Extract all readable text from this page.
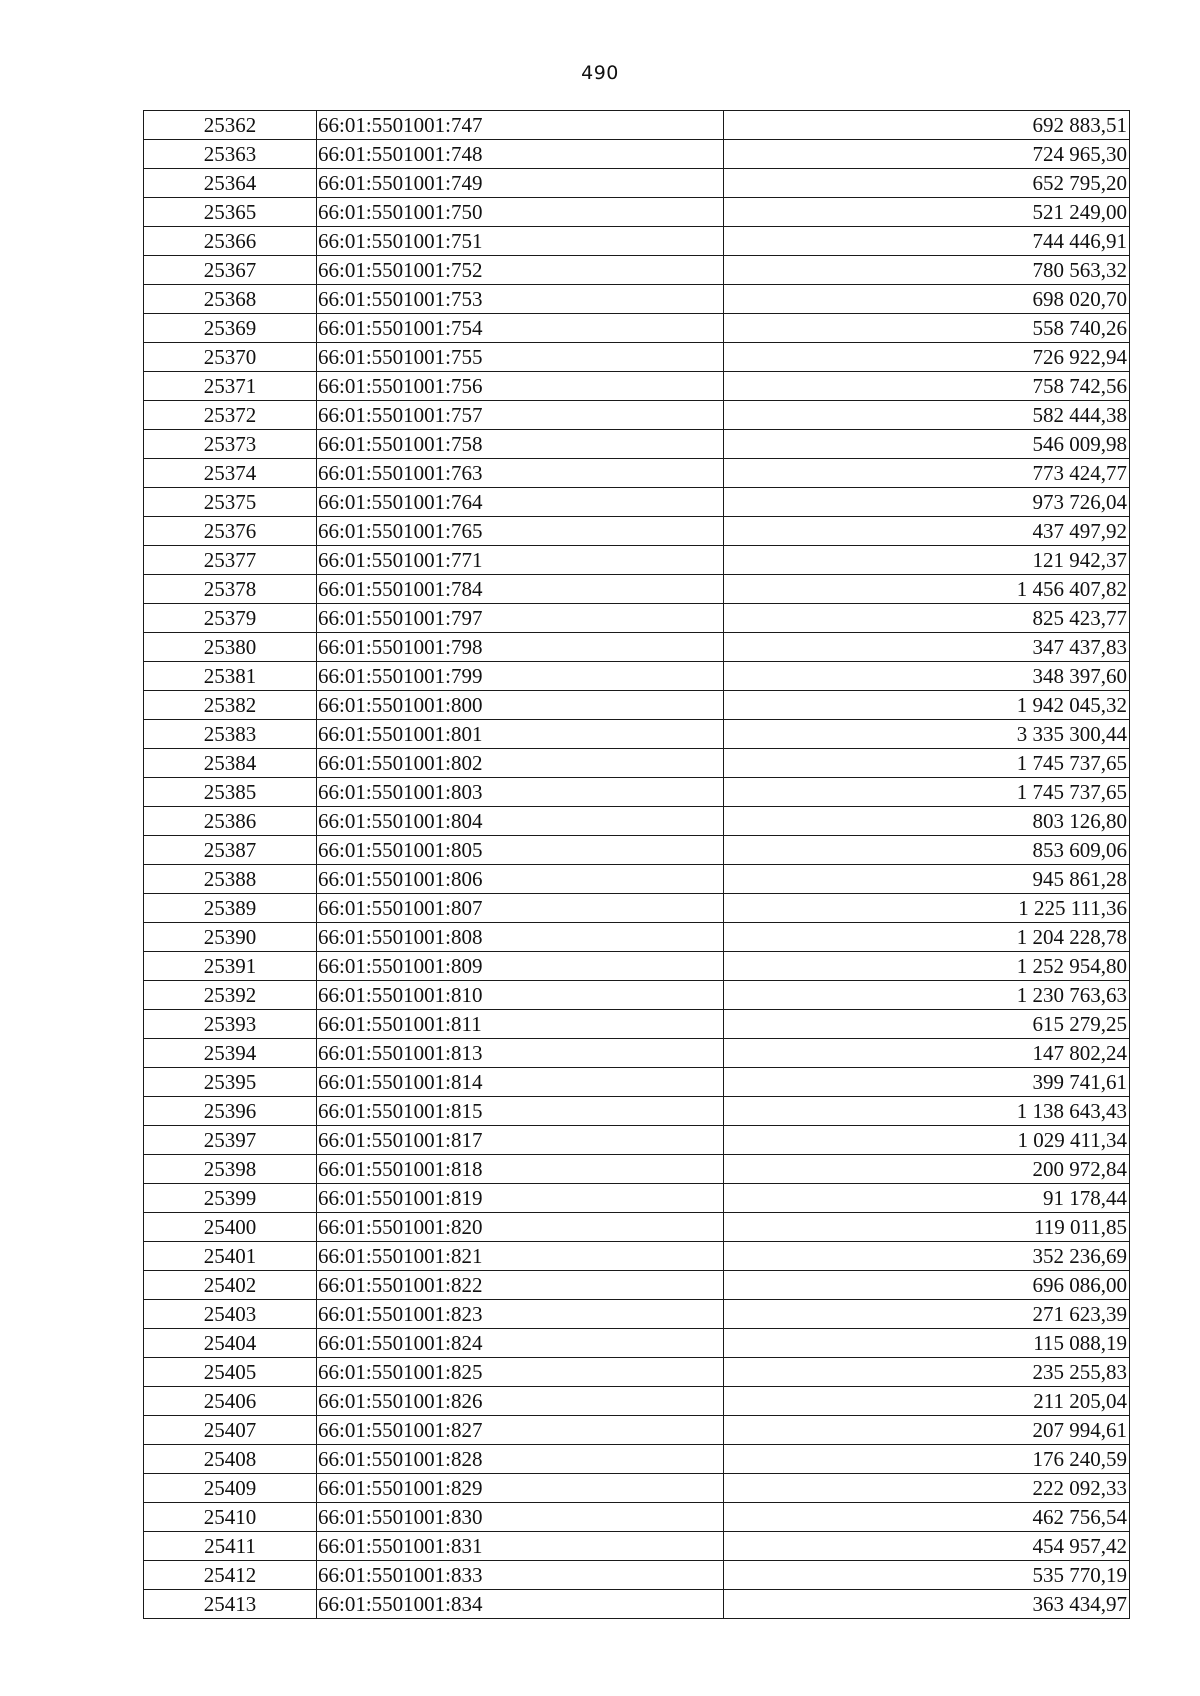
490
25362	66:01:5501001:747	692 883,51
25363	66:01:5501001:748	724 965,30
25364	66:01:5501001:749	652 795,20
25365	66:01:5501001:750	521 249,00
25366	66:01:5501001:751	744 446,91
25367	66:01:5501001:752	780 563,32
25368	66:01:5501001:753	698 020,70
25369	66:01:5501001:754	558 740,26
25370	66:01:5501001:755	726 922,94
25371	66:01:5501001:756	758 742,56
25372	66:01:5501001:757	582 444,38
25373	66:01:5501001:758	546 009,98
25374	66:01:5501001:763	773 424,77
25375	66:01:5501001:764	973 726,04
25376	66:01:5501001:765	437 497,92
25377	66:01:5501001:771	121 942,37
25378	66:01:5501001:784	1 456 407,82
25379	66:01:5501001:797	825 423,77
25380	66:01:5501001:798	347 437,83
25381	66:01:5501001:799	348 397,60
25382	66:01:5501001:800	1 942 045,32
25383	66:01:5501001:801	3 335 300,44
25384	66:01:5501001:802	1 745 737,65
25385	66:01:5501001:803	1 745 737,65
25386	66:01:5501001:804	803 126,80
25387	66:01:5501001:805	853 609,06
25388	66:01:5501001:806	945 861,28
25389	66:01:5501001:807	1 225 111,36
25390	66:01:5501001:808	1 204 228,78
25391	66:01:5501001:809	1 252 954,80
25392	66:01:5501001:810	1 230 763,63
25393	66:01:5501001:811	615 279,25
25394	66:01:5501001:813	147 802,24
25395	66:01:5501001:814	399 741,61
25396	66:01:5501001:815	1 138 643,43
25397	66:01:5501001:817	1 029 411,34
25398	66:01:5501001:818	200 972,84
25399	66:01:5501001:819	91 178,44
25400	66:01:5501001:820	119 011,85
25401	66:01:5501001:821	352 236,69
25402	66:01:5501001:822	696 086,00
25403	66:01:5501001:823	271 623,39
25404	66:01:5501001:824	115 088,19
25405	66:01:5501001:825	235 255,83
25406	66:01:5501001:826	211 205,04
25407	66:01:5501001:827	207 994,61
25408	66:01:5501001:828	176 240,59
25409	66:01:5501001:829	222 092,33
25410	66:01:5501001:830	462 756,54
25411	66:01:5501001:831	454 957,42
25412	66:01:5501001:833	535 770,19
25413	66:01:5501001:834	363 434,97
